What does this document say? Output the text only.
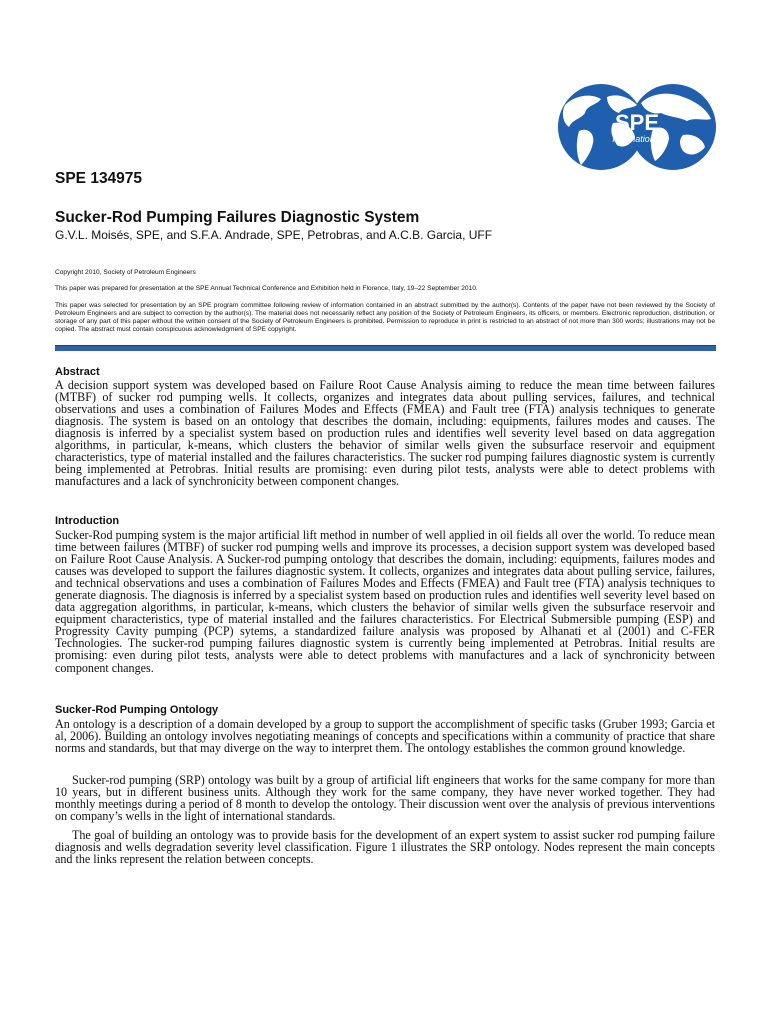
SPE
International
SPE 134975
Sucker-Rod Pumping Failures Diagnostic System
G.V.L. Moisés, SPE, and S.F.A. Andrade, SPE, Petrobras, and A.C.B. Garcia, UFF
Copyright 2010, Society of Petroleum Engineers
This paper was prepared for presentation at the SPE Annual Technical Conference and Exhibition held in Florence, Italy, 19–22 September 2010.
This paper was selected for presentation by an SPE program committee following review of information contained in an abstract submitted by the author(s). Contents of the paper have not been reviewed by the Society of Petroleum Engineers and are subject to correction by the author(s). The material does not necessarily reflect any position of the Society of Petroleum Engineers, its officers, or members. Electronic reproduction, distribution, or storage of any part of this paper without the written consent of the Society of Petroleum Engineers is prohibited. Permission to reproduce in print is restricted to an abstract of not more than 300 words; illustrations may not be copied. The abstract must contain conspicuous acknowledgment of SPE copyright.
Abstract

A decision support system was developed based on Failure Root Cause Analysis aiming to reduce the mean time between failures (MTBF) of sucker rod pumping wells. It collects, organizes and integrates data about pulling services, failures, and technical observations and uses a combination of Failures Modes and Effects (FMEA) and Fault tree (FTA) analysis techniques to generate diagnosis. The system is based on an ontology that describes the domain, including: equipments, failures modes and causes. The diagnosis is inferred by a specialist system based on production rules and identifies well severity level based on data aggregation algorithms, in particular, k-means, which clusters the behavior of similar wells given the subsurface reservoir and equipment characteristics, type of material installed and the failures characteristics. The sucker rod pumping failures diagnostic system is currently being implemented at Petrobras. Initial results are promising: even during pilot tests, analysts were able to detect problems with manufactures and a lack of synchronicity between component changes.

Introduction

Sucker-Rod pumping system is the major artificial lift method in number of well applied in oil fields all over the world. To reduce mean time between failures (MTBF) of sucker rod pumping wells and improve its processes, a decision support system was developed based on Failure Root Cause Analysis. A Sucker-rod pumping ontology that describes the domain, including: equipments, failures modes and causes was developed to support the failures diagnostic system. It collects, organizes and integrates data about pulling service, failures, and technical observations and uses a combination of Failures Modes and Effects (FMEA) and Fault tree (FTA) analysis techniques to generate diagnosis. The diagnosis is inferred by a specialist system based on production rules and identifies well severity level based on data aggregation algorithms, in particular, k-means, which clusters the behavior of similar wells given the subsurface reservoir and equipment characteristics, type of material installed and the failures characteristics. For Electrical Submersible pumping (ESP) and Progressity Cavity pumping (PCP) sytems, a standardized failure analysis was proposed by Alhanati et al (2001) and C-FER Technologies. The sucker-rod pumping failures diagnostic system is currently being implemented at Petrobras. Initial results are promising: even during pilot tests, analysts were able to detect problems with manufactures and a lack of synchronicity between component changes.

Sucker-Rod Pumping Ontology

An ontology is a description of a domain developed by a group to support the accomplishment of specific tasks (Gruber 1993; Garcia et al, 2006). Building an ontology involves negotiating meanings of concepts and specifications within a community of practice that share norms and standards, but that may diverge on the way to interpret them. The ontology establishes the common ground knowledge.

Sucker-rod pumping (SRP) ontology was built by a group of artificial lift engineers that works for the same company for more than 10 years, but in different business units. Although they work for the same company, they have never worked together. They had monthly meetings during a period of 8 month to develop the ontology. Their discussion went over the analysis of previous interventions on company’s wells in the light of international standards.

The goal of building an ontology was to provide basis for the development of an expert system to assist sucker rod pumping failure diagnosis and wells degradation severity level classification. Figure 1 illustrates the SRP ontology. Nodes represent the main concepts and the links represent the relation between concepts.
